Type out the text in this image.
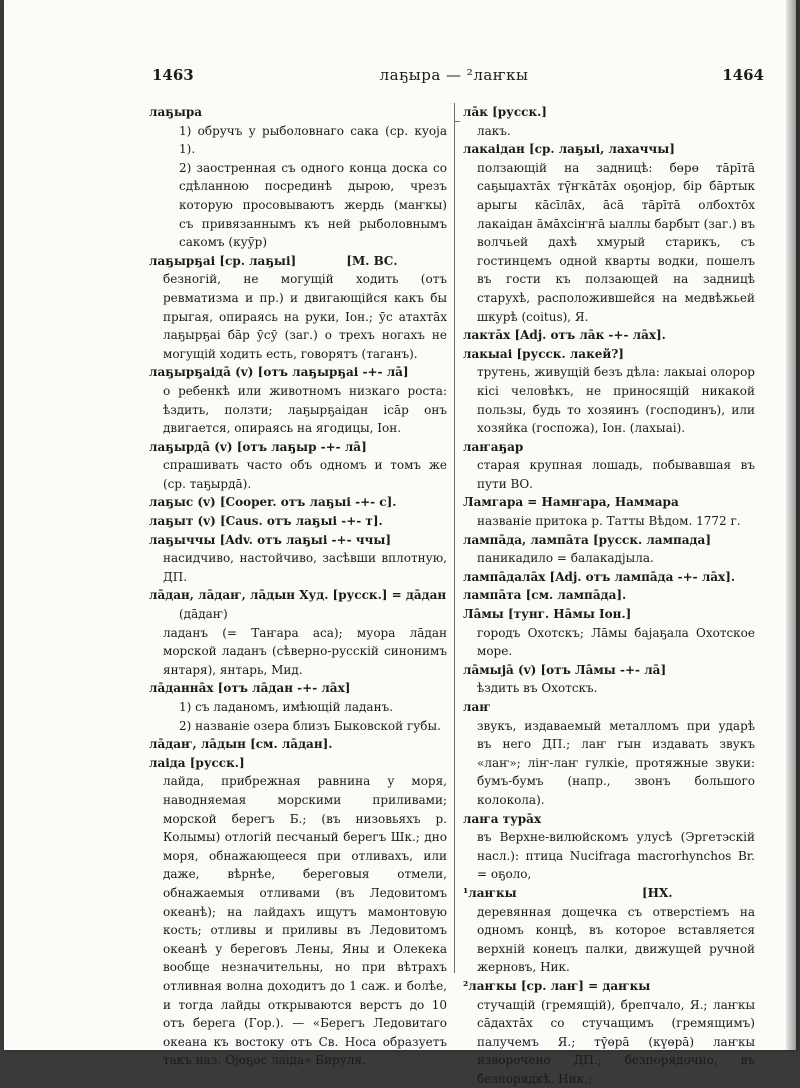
1463	лаҕыра — ²лаҥкы	1464

лаҕыра

1) обручъ у рыболовнаго сака (ср. куоја 1).

2) заостренная съ одного конца доска со сдѣланною посрединѣ дырою, чрезъ которую просовываютъ жердь (маҥкы) съ привязаннымъ къ ней рыболовнымъ сакомъ (куӯр)

лаҕырҕаі [ср. лаҕыі]            [М. ВС.

безногій, не могущій ходить (отъ ревматизма и пр.) и двигающійся какъ бы прыгая, опираясь на руки, Іон.; ӯс атахтāх лаҕырҕаі бāр ӯсӯ (заг.) о трехъ ногахъ не могущій ходить есть, говорятъ (таганъ).

лаҕырҕаідā (v) [отъ лаҕырҕаі -+- лā]

о ребенкѣ или животномъ низкаго роста: ѣздить, ползти; лаҕырҕаідан ісāр онъ двигается, опираясь на ягодицы, Іон.

лаҕырдā (v) [отъ лаҕыр -+- лā]

спрашивать часто объ одномъ и томъ же (ср. таҕырдā).

лаҕыс (v) [Cooper. отъ лаҕыі -+- с].

лаҕыт (v) [Caus. отъ лаҕыі -+- т].

лаҕыччы [Adv. отъ лаҕыі -+- ччы]

насидчиво, настойчиво, засѣвши вплотную, ДП.

лāдан, лāдаҥ, лāдын Худ. [русск.] = дāдан

(дāдаҥ)

ладанъ (= Таҥара аса); муора лāдан морской ладанъ (сѣверно-русскій синонимъ янтаря), янтарь, Мид.

лāданнāх [отъ лāдан -+- лāх]

1) съ ладаномъ, имѣющій ладанъ.

2) названіе озера близъ Быковской губы.

лāдаҥ, лāдын [см. лāдан].

лаіда [русск.]

лайда, прибрежная равнина у моря, наводняемая морскими приливами; морской берегъ Б.; (въ низовьяхъ р. Колымы) отлогій песчаный берегъ Шк.; дно моря, обнажающееся при отливахъ, или даже, вѣрнѣе, береговыя отмели, обнажаемыя отливами (въ Ледовитомъ океанѣ); на лайдахъ ищутъ мамонтовую кость; отливы и приливы въ Ледовитомъ океанѣ у береговъ Лены, Яны и Олекека вообще незначительны, но при вѣтрахъ отливная волна доходитъ до 1 саж. и болѣе, и тогда лайды открываются верстъ до 10 отъ берега (Гор.). — «Берегъ Ледовитаго океана къ востоку отъ Св. Носа образуетъ такъ наз. Ојоҕос лаіда» Бируля.

лāк [русск.]

лакъ.

лакаідан [ср. лаҕыі, лахаччы]

ползающій на задницѣ: бөрө тāрīтā саҕыџахтāх тү̄ҥкāтāх оҕонјор, бір бāртык арыгы кāсīлāх, āсā тāрīтā олбохтōх лакаідан āмāхсіҥҥā ыаллы барбыт (заг.) въ волчьей дахѣ хмурый старикъ, съ гостинцемъ одной кварты водки, пошелъ въ гости къ ползающей на задницѣ старухѣ, расположившейся на медвѣжьей шкурѣ (coitus), Я.

лактāх [Adj. отъ лāк -+- лāх].

лакыаі [русск. лакей?]

трутень, живущій безъ дѣла: лакыаі олорор кісі человѣкъ, не приносящій никакой пользы, будь то хозяинъ (господинъ), или хозяйка (госпожа), Іон. (лахыаі).

лаҥаҕар

старая крупная лошадь, побывавшая въ пути ВО.

Ламгара = Намҥара, Наммара

названіе притока р. Татты Вѣдом. 1772 г.

лампāда, лампāта [русск. лампада]

паникадило = балакадјыла.

лампāдалāх [Adj. отъ лампāда -+- лāх].

лампāта [см. лампāда].

Лāмы [тунг. Нāмы Іон.]

городъ Охотскъ; Лāмы баjаҕала Охотское море.

лāмыјā (v) [отъ Лāмы -+- лā]

ѣздить въ Охотскъ.

лаҥ

звукъ, издаваемый металломъ при ударѣ въ него ДП.; лаҥ гын издавать звукъ «лаҥ»; ліҥ-лаҥ гулкіе, протяжные звуки: бумъ-бумъ (напр., звонъ большого колокола).

лаҥа турāх

въ Верхне-вилюйскомъ улусѣ (Эргетэскій насл.): птица Nucifraga macrorhynchos Br. = оҕоло,

¹лаҥкы                              [НХ.

деревянная дощечка съ отверстіемъ на одномъ концѣ, въ которое вставляется верхній конецъ палки, движущей ручной жерновъ, Ник.

²лаҥкы [ср. лаҥ] = даҥкы

стучащій (гремящій), брепчало, Я.; лаҥкы сāдахтāх со стучащимъ (гремящимъ) палучемъ Я.; тү̄өрā (күөрā) лаҥкы изворочено ДП.; безпорядочно, въ безпорядкѣ, Ник.;
